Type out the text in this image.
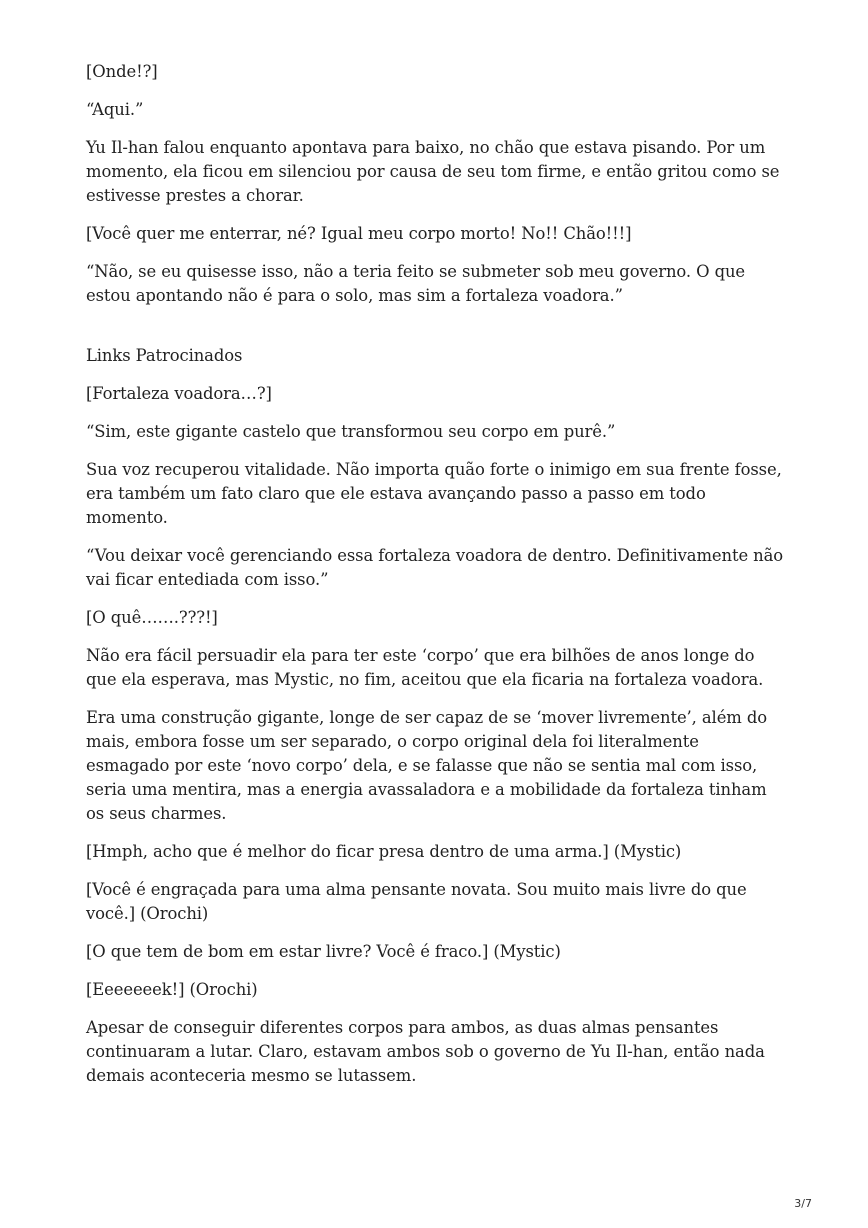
[Onde!?]

“Aqui.”

Yu Il-han falou enquanto apontava para baixo, no chão que estava pisando. Por um momento, ela ficou em silenciou por causa de seu tom firme, e então gritou como se estivesse prestes a chorar.

[Você quer me enterrar, né? Igual meu corpo morto! No!! Chão!!!]

“Não, se eu quisesse isso, não a teria feito se submeter sob meu governo. O que estou apontando não é para o solo, mas sim a fortaleza voadora.”

Links Patrocinados

[Fortaleza voadora…?]

“Sim, este gigante castelo que transformou seu corpo em purê.”

Sua voz recuperou vitalidade. Não importa quão forte o inimigo em sua frente fosse, era também um fato claro que ele estava avançando passo a passo em todo momento.

“Vou deixar você gerenciando essa fortaleza voadora de dentro. Definitivamente não vai ficar entediada com isso.”

[O quê…….???!]

Não era fácil persuadir ela para ter este ‘corpo’ que era bilhões de anos longe do que ela esperava, mas Mystic, no fim, aceitou que ela ficaria na fortaleza voadora.

Era uma construção gigante, longe de ser capaz de se ‘mover livremente’, além do mais, embora fosse um ser separado, o corpo original dela foi literalmente esmagado por este ‘novo corpo’ dela, e se falasse que não se sentia mal com isso, seria uma mentira, mas a energia avassaladora e a mobilidade da fortaleza tinham os seus charmes.

[Hmph, acho que é melhor do ficar presa dentro de uma arma.] (Mystic)

[Você é engraçada para uma alma pensante novata. Sou muito mais livre do que você.] (Orochi)

[O que tem de bom em estar livre? Você é fraco.] (Mystic)

[Eeeeeeek!] (Orochi)

Apesar de conseguir diferentes corpos para ambos, as duas almas pensantes continuaram a lutar. Claro, estavam ambos sob o governo de Yu Il-han, então nada demais aconteceria mesmo se lutassem.

3/7
